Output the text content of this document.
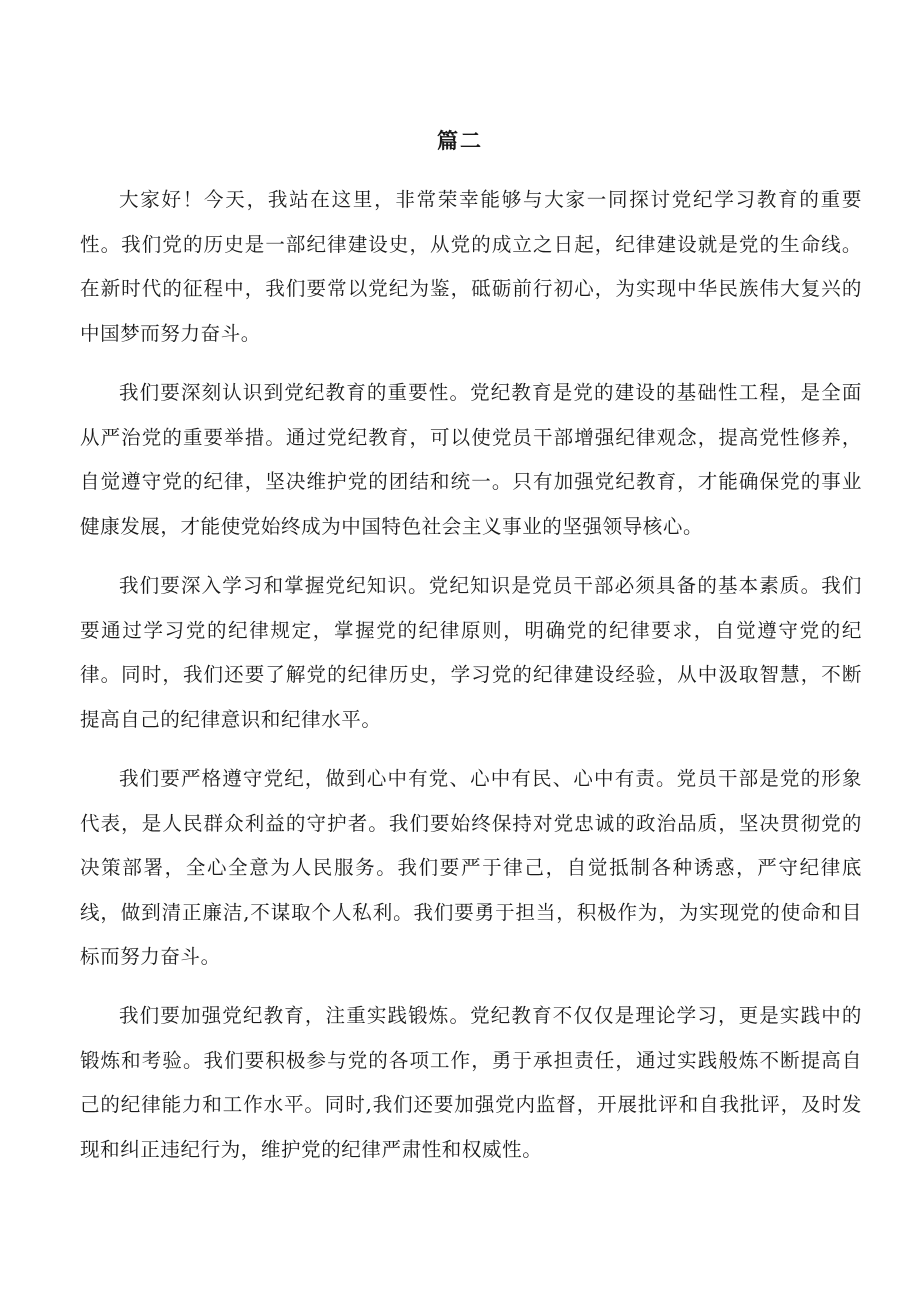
篇二

大家好！今天，我站在这里，非常荣幸能够与大家一同探讨党纪学习教育的重要性。我们党的历史是一部纪律建设史，从党的成立之日起，纪律建设就是党的生命线。在新时代的征程中，我们要常以党纪为鉴，砥砺前行初心，为实现中华民族伟大复兴的中国梦而努力奋斗。

我们要深刻认识到党纪教育的重要性。党纪教育是党的建设的基础性工程，是全面从严治党的重要举措。通过党纪教育，可以使党员干部增强纪律观念，提高党性修养，自觉遵守党的纪律，坚决维护党的团结和统一。只有加强党纪教育，才能确保党的事业健康发展，才能使党始终成为中国特色社会主义事业的坚强领导核心。

我们要深入学习和掌握党纪知识。党纪知识是党员干部必须具备的基本素质。我们要通过学习党的纪律规定，掌握党的纪律原则，明确党的纪律要求，自觉遵守党的纪律。同时，我们还要了解党的纪律历史，学习党的纪律建设经验，从中汲取智慧，不断提高自己的纪律意识和纪律水平。

我们要严格遵守党纪，做到心中有党、心中有民、心中有责。党员干部是党的形象代表，是人民群众利益的守护者。我们要始终保持对党忠诚的政治品质，坚决贯彻党的决策部署，全心全意为人民服务。我们要严于律己，自觉抵制各种诱惑，严守纪律底线，做到清正廉洁,不谋取个人私利。我们要勇于担当，积极作为，为实现党的使命和目标而努力奋斗。

我们要加强党纪教育，注重实践锻炼。党纪教育不仅仅是理论学习，更是实践中的锻炼和考验。我们要积极参与党的各项工作，勇于承担责任，通过实践般炼不断提高自己的纪律能力和工作水平。同时,我们还要加强党内监督，开展批评和自我批评，及时发现和纠正违纪行为，维护党的纪律严肃性和权威性。
